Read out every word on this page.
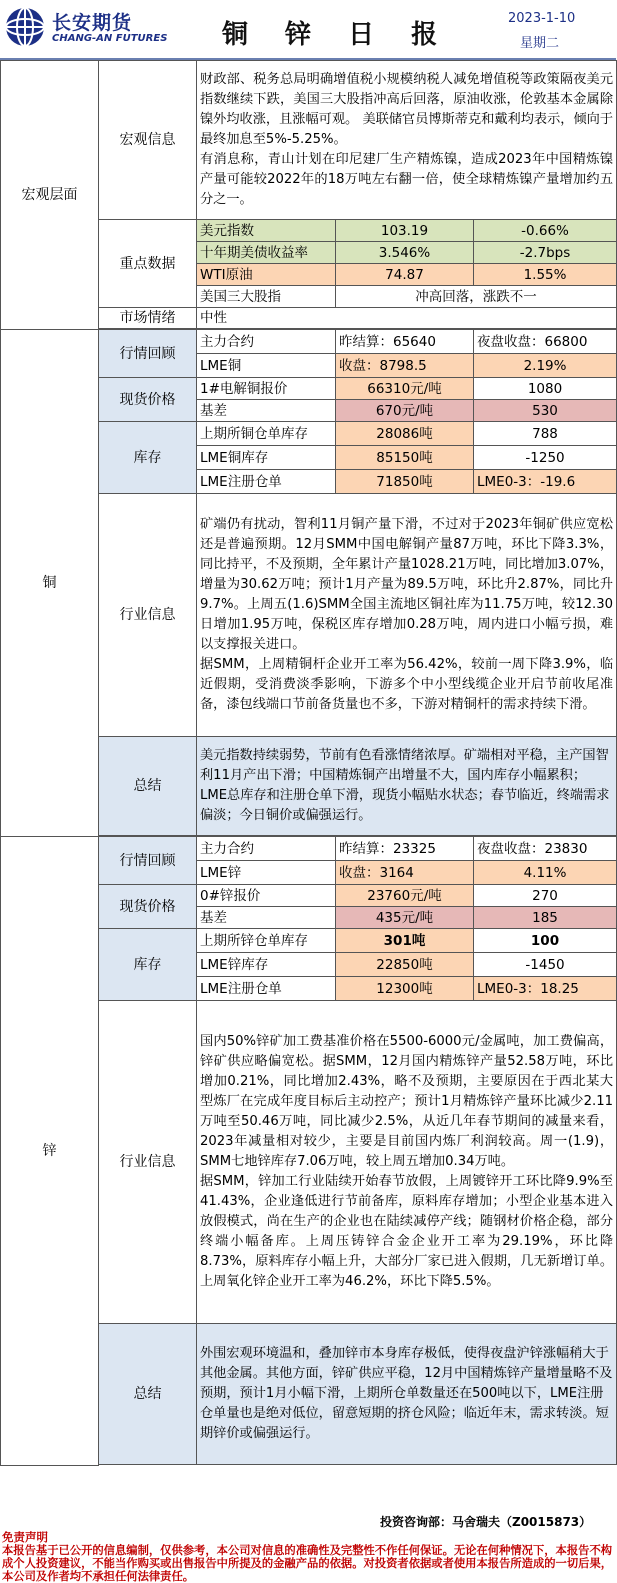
长安期货
CHANG-AN FUTURES 铜 锌 日 报
2023-1-10
星期二
宏观层面	宏观信息	财政部、税务总局明确增值税小规模纳税人减免增值税等政策隔夜美元指数继续下跌，美国三大股指冲高后回落，原油收涨，伦敦基本金属除镍外均收涨，且涨幅可观。 美联储官员博斯蒂克和戴利均表示，倾向于最终加息至5%-5.25%。
有消息称，青山计划在印尼建厂生产精炼镍，造成2023年中国精炼镍产量可能较2022年的18万吨左右翻一倍，使全球精炼镍产量增加约五分之一。		

	重点数据	美元指数	103.19	-0.66%
		十年期美债收益率	3.546%	-2.7bps
		WTI原油	74.87	1.55%
		美国三大股指	冲高回落，涨跌不一	
	市场情绪	中性		

铜	行情回顾	主力合约	昨结算：65640	夜盘收盘：66800
		LME铜	收盘：8798.5	2.19%
	现货价格	1#电解铜报价	66310元/吨	1080
		基差	670元/吨	530
	库存	上期所铜仓单库存	28086吨	788
		LME铜库存	85150吨	-1250
		LME注册仓单	71850吨	LME0-3：-19.6
	行业信息	矿端仍有扰动，智利11月铜产量下滑，不过对于2023年铜矿供应宽松还是普遍预期。12月SMM中国电解铜产量87万吨，环比下降3.3%，同比持平，不及预期，全年累计产量1028.21万吨，同比增加3.07%，增量为30.62万吨；预计1月产量为89.5万吨，环比升2.87%，同比升9.7%。上周五(1.6)SMM全国主流地区铜社库为11.75万吨，较12.30日增加1.95万吨，保税区库存增加0.28万吨，周内进口小幅亏损，难以支撑报关进口。
据SMM，上周精铜杆企业开工率为56.42%，较前一周下降3.9%，临近假期，受消费淡季影响，下游多个中小型线缆企业开启节前收尾准备，漆包线端口节前备货量也不多，下游对精铜杆的需求持续下滑。		

	总结	美元指数持续弱势，节前有色看涨情绪浓厚。矿端相对平稳，主产国智利11月产出下滑；中国精炼铜产出增量不大，国内库存小幅累积；LME总库存和注册仓单下滑，现货小幅贴水状态；春节临近，终端需求偏淡；今日铜价或偏强运行。		

锌	行情回顾	主力合约	昨结算：23325	夜盘收盘：23830
		LME锌	收盘：3164	4.11%
	现货价格	0#锌报价	23760元/吨	270
		基差	435元/吨	185
	库存	上期所锌仓单库存	301吨	100
		LME锌库存	22850吨	-1450
		LME注册仓单	12300吨	LME0-3：18.25
	行业信息	国内50%锌矿加工费基准价格在5500-6000元/金属吨，加工费偏高，锌矿供应略偏宽松。据SMM，12月国内精炼锌产量52.58万吨，环比增加0.21%，同比增加2.43%，略不及预期，主要原因在于西北某大型炼厂在完成年度目标后主动控产；预计1月精炼锌产量环比减少2.11万吨至50.46万吨，同比减少2.5%，从近几年春节期间的减量来看，2023年减量相对较少，主要是目前国内炼厂利润较高。周一(1.9)，SMM七地锌库存7.06万吨，较上周五增加0.34万吨。
据SMM，锌加工行业陆续开始春节放假，上周镀锌开工环比降9.9%至41.43%，企业逢低进行节前备库，原料库存增加；小型企业基本进入放假模式，尚在生产的企业也在陆续减停产线；随钢材价格企稳，部分终端小幅备库。上周压铸锌合金企业开工率为29.19%，环比降8.73%，原料库存小幅上升，大部分厂家已进入假期，几无新增订单。上周氧化锌企业开工率为46.2%，环比下降5.5%。		

	总结	外围宏观环境温和，叠加锌市本身库存极低，使得夜盘沪锌涨幅稍大于其他金属。其他方面，锌矿供应平稳，12月中国精炼锌产量增量略不及预期，预计1月小幅下滑，上期所仓单数量还在500吨以下，LME注册仓单量也是绝对低位，留意短期的挤仓风险；临近年末，需求转淡。短期锌价或偏强运行。		

投资咨询部：马舍瑞夫（Z0015873）
免责声明
本报告基于已公开的信息编制，仅供参考，本公司对信息的准确性及完整性不作任何保证。无论在何种情况下，本报告不构成个人投资建议，不能当作购买或出售报告中所提及的金融产品的依据。对投资者依据或者使用本报告所造成的一切后果，本公司及作者均不承担任何法律责任。
